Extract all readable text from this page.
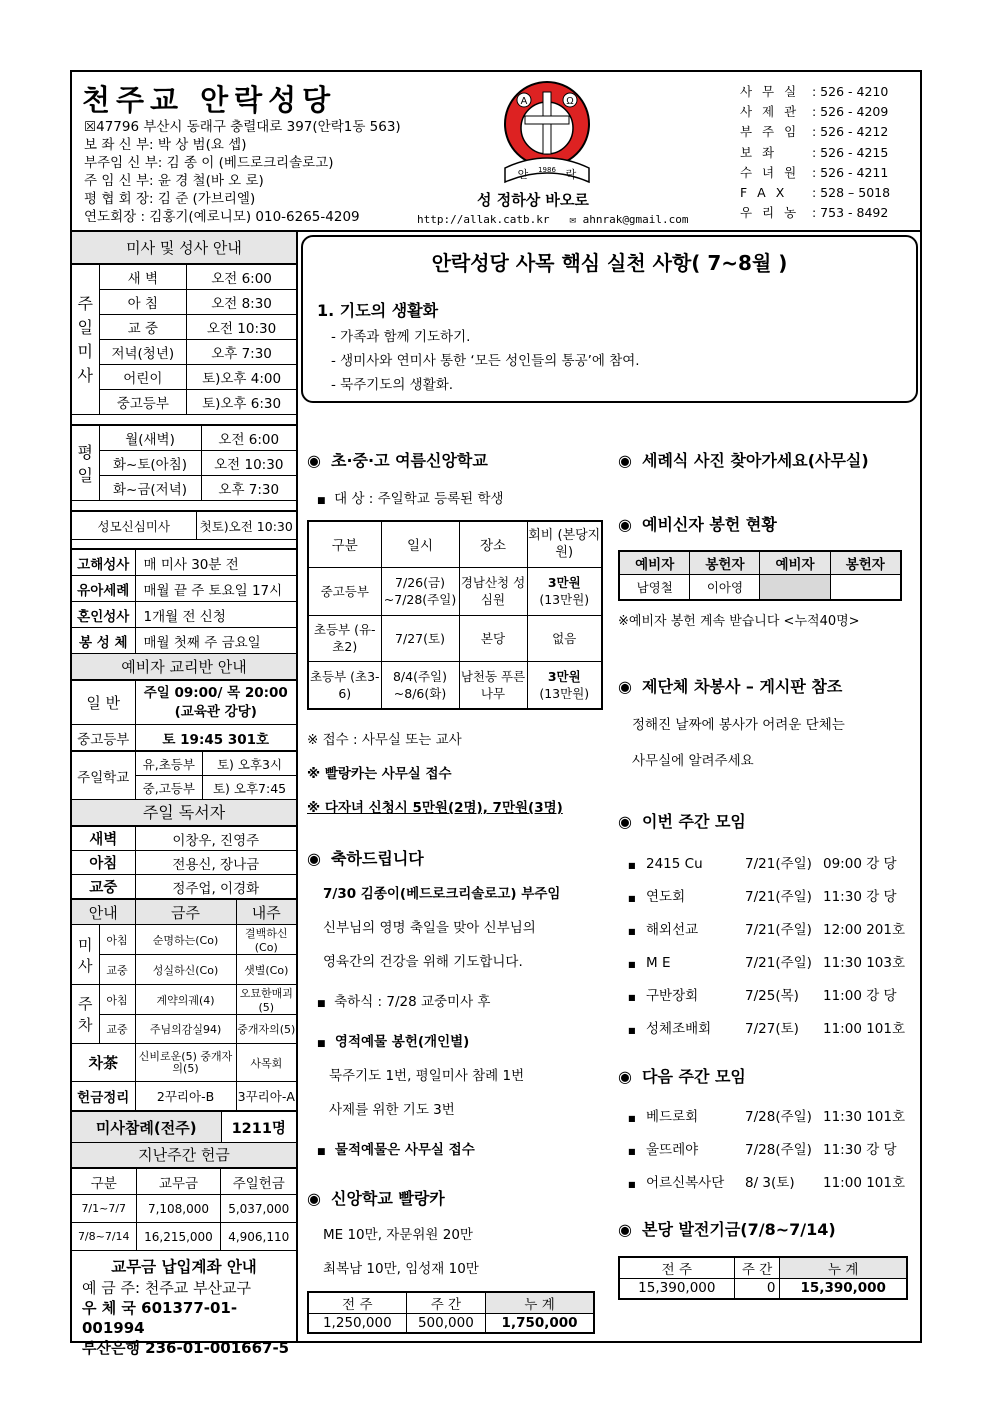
천주교 안락성당
☒47796 부산시 동래구 충렬대로 397(안락1동 563)
보 좌 신 부: 박 상 범(요 셉)
부주임 신 부: 김 종 이 (베드로크리솔로고)
주 임 신 부: 윤 경 철(바 오 로)
평 협 회 장: 김 준 (가브리엘)
연도회장 : 김홍기(예로니모) 010-6265-4209
A	Ω
안 1986 락
성 정하상 바오로
http://allak.catb.kr ✉ ahnrak@gmail.com
사 무 실 : 526 - 4210
사 제 관 : 526 - 4209
부 주 임 : 526 - 4212
보 좌	: 526 - 4215
수 녀 원 : 526 - 4211
F A X : 528 – 5018
우 리 농 : 753 - 8492
미사 및 성사 안내
주일미사	새 벽	오전 6:00
	아 침	오전 8:30
	교 중	오전 10:30
	저녁(청년)	오후 7:30
	어린이	토)오후 4:00
	중고등부	토)오후 6:30
평일	월(새벽)	오전 6:00
	화~토(아침)	오전 10:30
	화~금(저녁)	오후 7:30
성모신심미사	첫토)오전 10:30
고해성사	매 미사 30분 전
유아세례	매월 끝 주 토요일 17시
혼인성사	1개월 전 신청
봉 성 체	매월 첫째 주 금요일
예비자 교리반 안내
일 반	주일 09:00/ 목 20:00
(교육관 강당)

중고등부	토 19:45 301호
주일학교	유,초등부	토) 오후3시
	중,고등부	토) 오후7:45
주일 독서자
새벽	이창우, 진영주
아침	전용신, 장나금
교중	정주업, 이경화
안내		금주	내주

미사	아침	순명하는(Co)	결백하신(Co)
	교중	성실하신(Co)	샛별(Co)

주차	아침	계약의궤(4)	오묘한매괴(5)
	교중	주님의감실94)	중개자의(5)
차茶		신비로운(5) 중개자의(5)	사목회
헌금정리		2꾸리아-B	3꾸리아-A
미사참례(전주)	1211명
지난주간 헌금
구분	교무금	주일헌금
7/1~7/7	7,108,000	5,037,000
7/8~7/14	16,215,000	4,906,110
교무금 납입계좌 안내
예 금 주: 천주교 부산교구
우 체 국 601377-01-001994
부산은행 236-01-001667-5
안락성당 사목 핵심 실천 사항( 7~8월 )
1. 기도의 생활화
- 가족과 함께 기도하기.
- 생미사와 연미사 통한 ‘모든 성인들의 통공’에 참여.
- 묵주기도의 생활화.
◉ 초·중·고 여름신앙학교
■ 대 상 : 주일학교 등록된 학생
구분	일시	장소	회비 (본당지원)
중고등부	7/26(금) ~7/28(주일)	경남산청 성심원	3만원
(13만원)

초등부 (유-초2)	7/27(토)	본당	없음

초등부 (초3-6)	8/4(주일) ~8/6(화)	남천동 푸른나무	3만원
(13만원)
※ 접수 : 사무실 또는 교사
※ 빨랑카는 사무실 접수
※ 다자녀 신청시 5만원(2명), 7만원(3명)
◉ 축하드립니다
7/30 김종이(베드로크리솔로고) 부주임
신부님의 영명 축일을 맞아 신부님의
영육간의 건강을 위해 기도합니다.
■ 축하식 : 7/28 교중미사 후
■ 영적예물 봉헌(개인별)
묵주기도 1번, 평일미사 참례 1번
사제를 위한 기도 3번
■ 물적예물은 사무실 접수
◉ 신앙학교 빨랑카
ME 10만, 자문위원 20만
최복남 10만, 임성재 10만
전 주	주 간	누 계
1,250,000	500,000	1,750,000
◉ 세례식 사진 찾아가세요(사무실)
◉ 예비신자 봉헌 현황
예비자	봉헌자	예비자	봉헌자
남영철	이아영		
※예비자 봉헌 계속 받습니다 <누적40명>
◉ 제단체 차봉사 – 게시판 참조
정해진 날짜에 봉사가 어려운 단체는
사무실에 알려주세요
◉ 이번 주간 모임
■ 2415 Cu	7/21(주일) 09:00 강 당
■ 연도회	7/21(주일) 11:30 강 당
■ 해외선교	7/21(주일) 12:00 201호
■ M E	7/21(주일) 11:30 103호
■ 구반장회	7/25(목) 11:00 강 당
■ 성체조배회	7/27(토) 11:00 101호
◉ 다음 주간 모임
■ 베드로회	7/28(주일) 11:30 101호
■ 울뜨레야	7/28(주일) 11:30 강 당
■ 어르신복사단 8/ 3(토) 11:00 101호
◉ 본당 발전기금(7/8~7/14)
전 주	주 간	누 계
15,390,000	0	15,390,000
